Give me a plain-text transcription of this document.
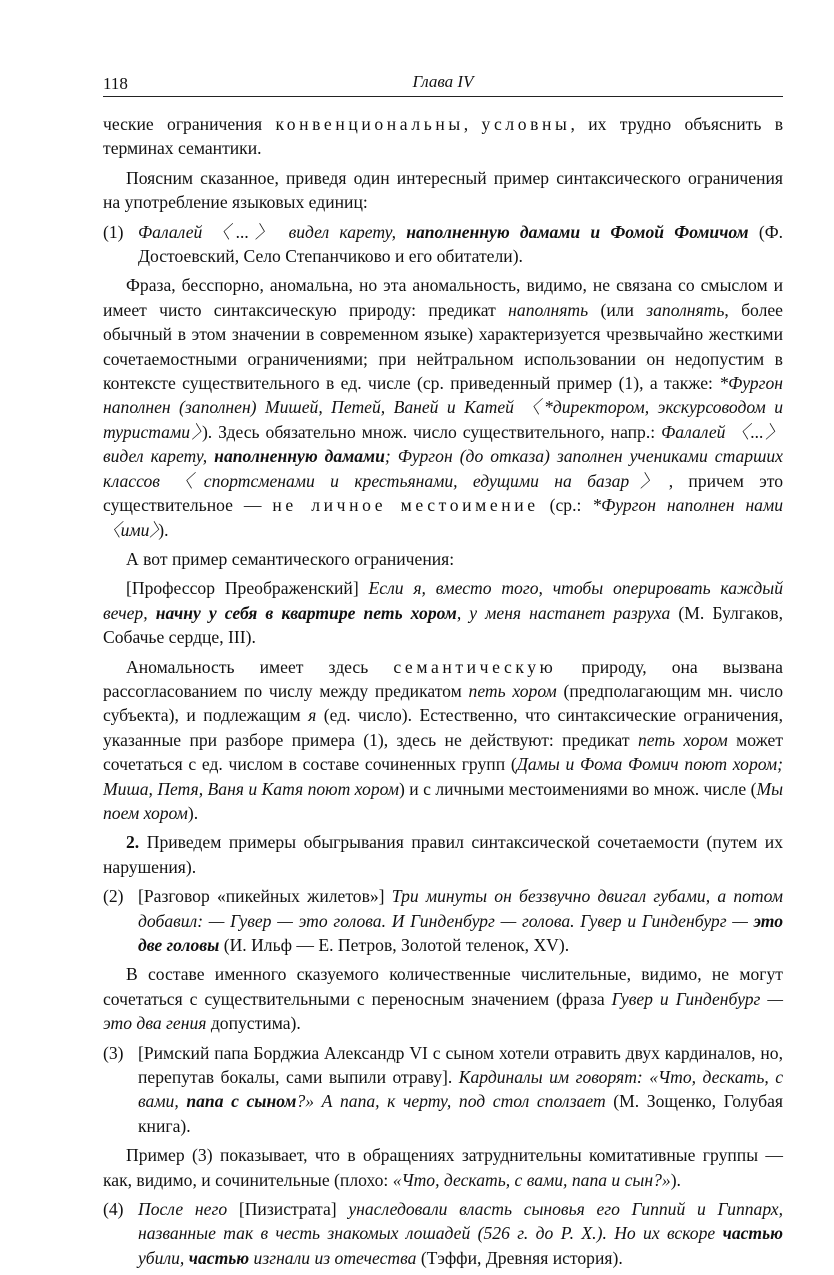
118	Глава IV
ческие ограничения конвенциональны, условны, их трудно объяснить в терминах семантики.
Поясним сказанное, приведя один интересный пример синтаксического ограничения на употребление языковых единиц:
(1) Фалалей 〈...〉 видел карету, наполненную дамами и Фомой Фомичом (Ф. Достоевский, Село Степанчиково и его обитатели).
Фраза, бесспорно, аномальна, но эта аномальность, видимо, не связана со смыслом и имеет чисто синтаксическую природу: предикат наполнять (или заполнять, более обычный в этом значении в современном языке) характеризуется чрезвычайно жесткими сочетаемостными ограничениями; при нейтральном использовании он недопустим в контексте существительного в ед. числе (ср. приведенный пример (1), а также: *Фургон наполнен (заполнен) Мишей, Петей, Ваней и Катей 〈*директором, экскурсоводом и туристами〉). Здесь обязательно множ. число существительного, напр.: Фалалей 〈...〉 видел карету, наполненную дамами; Фургон (до отказа) заполнен учениками старших классов 〈спортсменами и крестьянами, едущими на базар〉, причем это существительное — не личное местоимение (ср.: *Фургон наполнен нами 〈ими〉).
А вот пример семантического ограничения:
[Профессор Преображенский] Если я, вместо того, чтобы оперировать каждый вечер, начну у себя в квартире петь хором, у меня настанет разруха (М. Булгаков, Собачье сердце, III).
Аномальность имеет здесь семантическую природу, она вызвана рассогласованием по числу между предикатом петь хором (предполагающим мн. число субъекта), и подлежащим я (ед. число). Естественно, что синтаксические ограничения, указанные при разборе примера (1), здесь не действуют: предикат петь хором может сочетаться с ед. числом в составе сочиненных групп (Дамы и Фома Фомич поют хором; Миша, Петя, Ваня и Катя поют хором) и с личными местоимениями во множ. числе (Мы поем хором).
2. Приведем примеры обыгрывания правил синтаксической сочетаемости (путем их нарушения).
(2) [Разговор «пикейных жилетов»] Три минуты он беззвучно двигал губами, а потом добавил: — Гувер — это голова. И Гинденбург — голова. Гувер и Гинденбург — это две головы (И. Ильф — Е. Петров, Золотой теленок, XV).
В составе именного сказуемого количественные числительные, видимо, не могут сочетаться с существительными с переносным значением (фраза Гувер и Гинденбург — это два гения допустима).
(3) [Римский папа Борджиа Александр VI с сыном хотели отравить двух кардиналов, но, перепутав бокалы, сами выпили отраву]. Кардиналы им говорят: «Что, дескать, с вами, папа с сыном?» А папа, к черту, под стол сползает (М. Зощенко, Голубая книга).
Пример (3) показывает, что в обращениях затруднительны комитативные группы — как, видимо, и сочинительные (плохо: «Что, дескать, с вами, папа и сын?»).
(4) После него [Пизистрата] унаследовали власть сыновья его Гиппий и Гиппарх, названные так в честь знакомых лошадей (526 г. до Р. Х.). Но их вскоре частью убили, частью изгнали из отечества (Тэффи, Древняя история).
